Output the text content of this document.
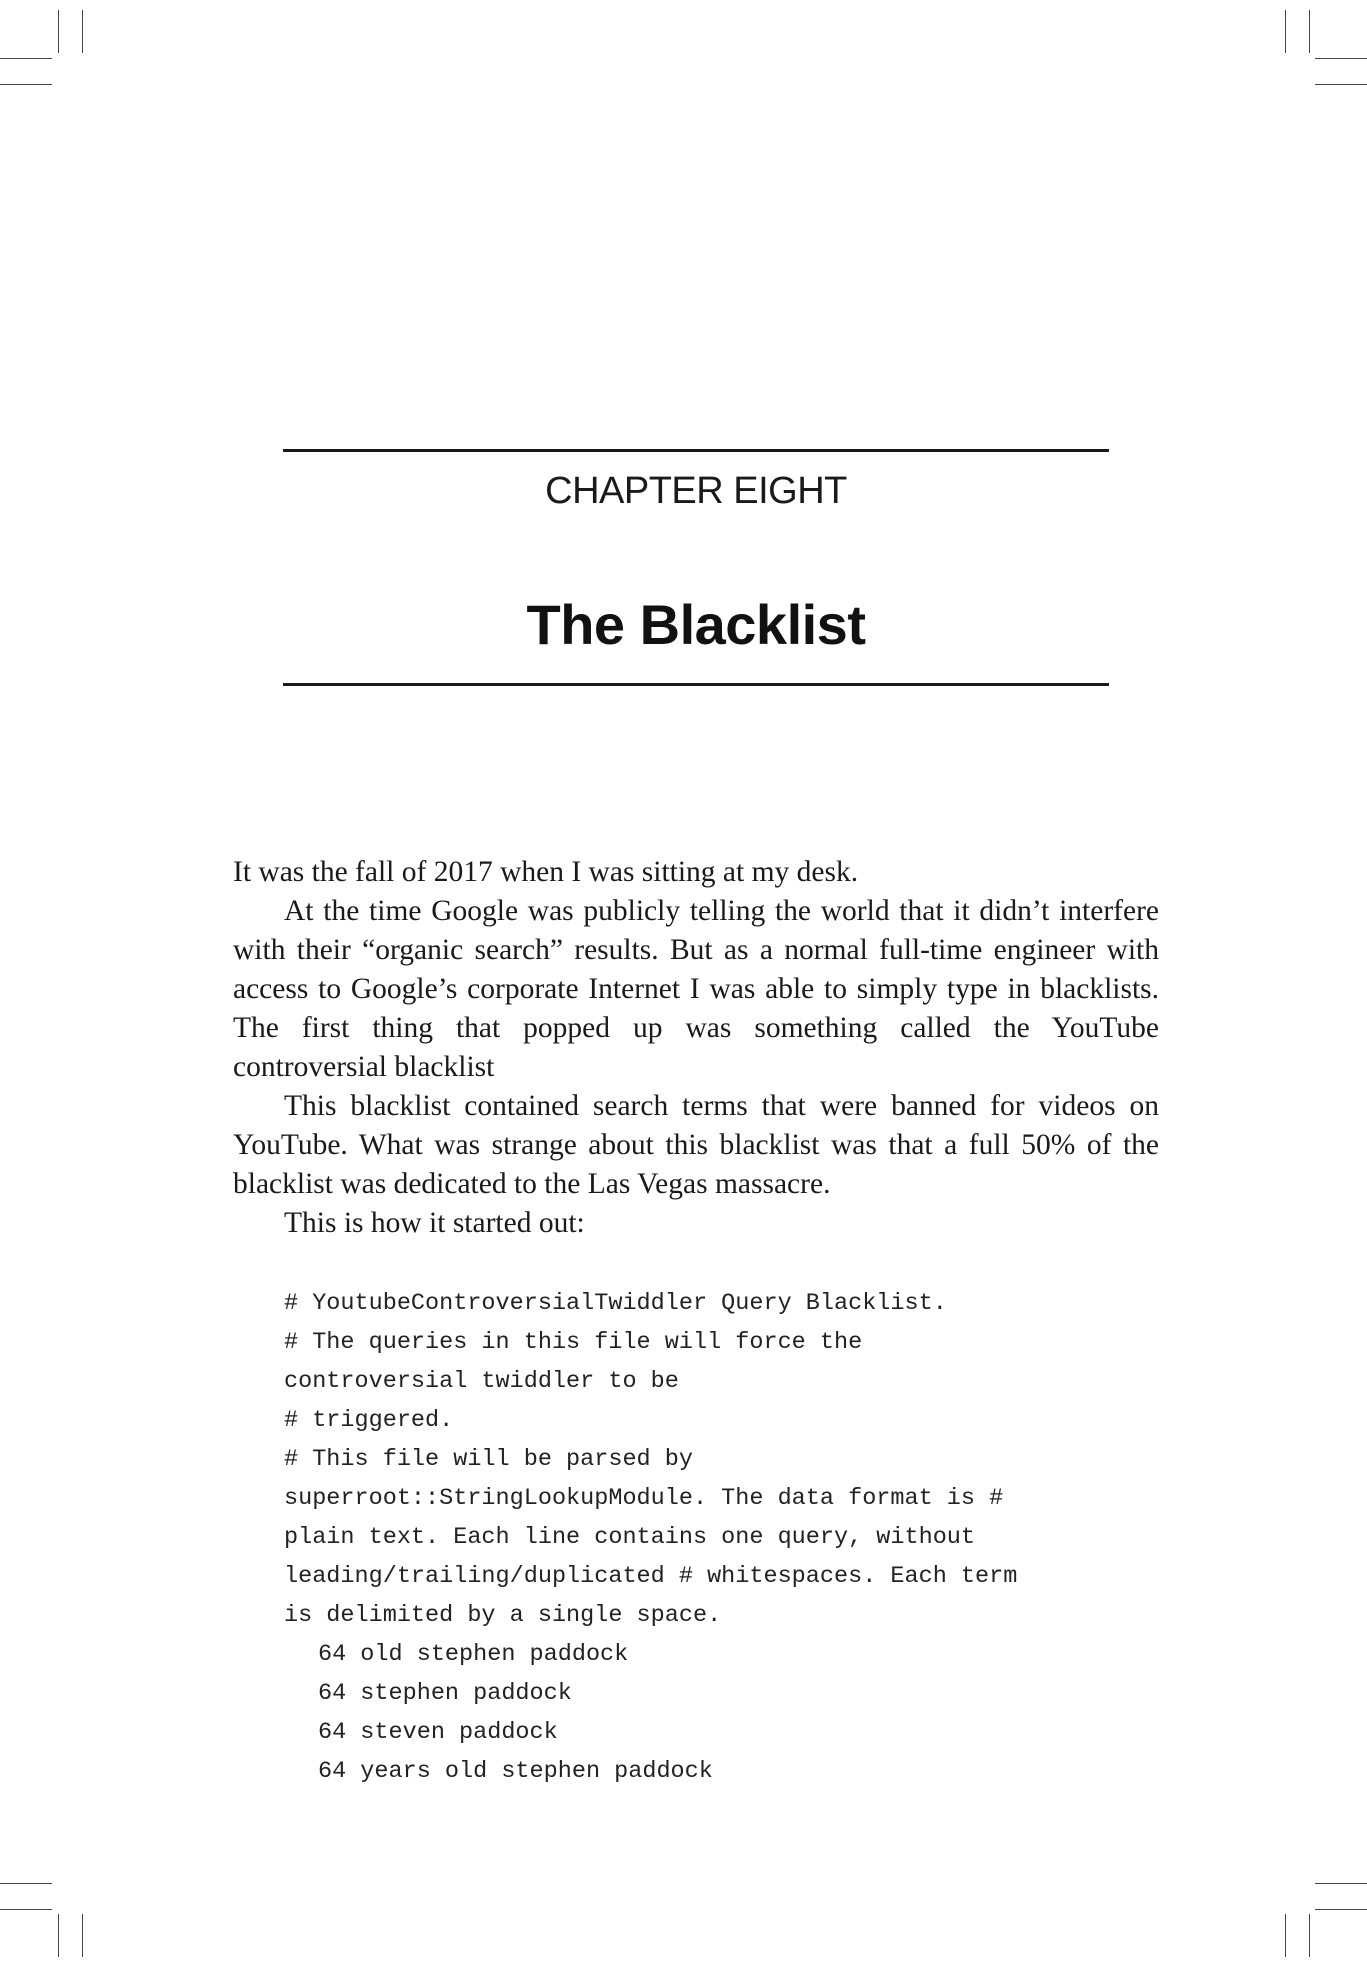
CHAPTER EIGHT
The Blacklist

It was the fall of 2017 when I was sitting at my desk.

At the time Google was publicly telling the world that it didn’t interfere with their “organic search” results. But as a normal full-time engineer with access to Google’s corporate Internet I was able to simply type in blacklists. The first thing that popped up was something called the YouTube controversial blacklist

This blacklist contained search terms that were banned for videos on YouTube. What was strange about this blacklist was that a full 50% of the blacklist was dedicated to the Las Vegas massacre.

This is how it started out:

# YoutubeControversialTwiddler Query Blacklist.
# The queries in this file will force the
controversial twiddler to be
# triggered.
# This file will be parsed by
superroot::StringLookupModule. The data format is #
plain text. Each line contains one query, without
leading/trailing/duplicated # whitespaces. Each term
is delimited by a single space.
64 old stephen paddock
64 stephen paddock
64 steven paddock
64 years old stephen paddock
